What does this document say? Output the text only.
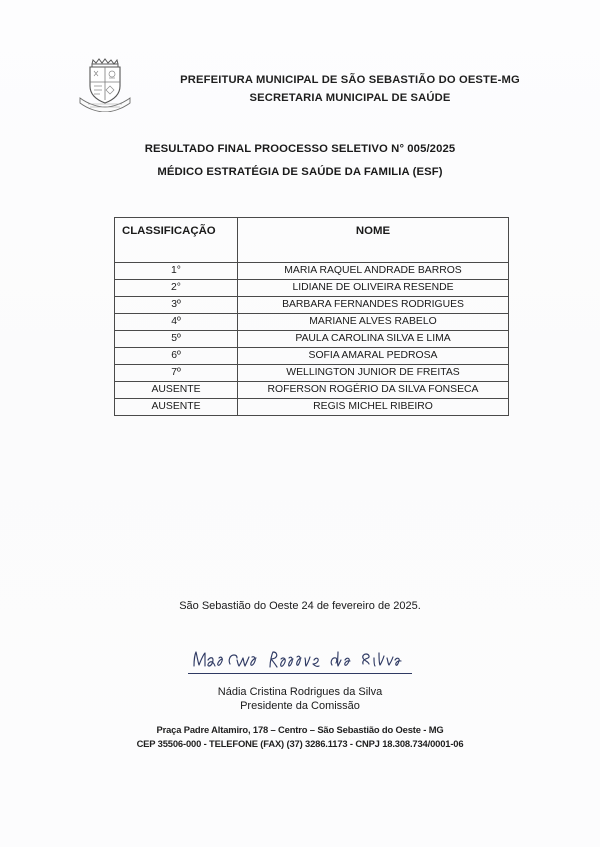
PREFEITURA MUNICIPAL DE SÃO SEBASTIÃO DO OESTE-MG
SECRETARIA MUNICIPAL DE SAÚDE
RESULTADO FINAL PROOCESSO SELETIVO N° 005/2025
MÉDICO ESTRATÉGIA DE SAÚDE DA FAMILIA (ESF)
CLASSIFICAÇÃO	NOME
1°	MARIA RAQUEL ANDRADE BARROS
2°	LIDIANE DE OLIVEIRA RESENDE
3º	BARBARA FERNANDES RODRIGUES
4º	MARIANE ALVES RABELO
5º	PAULA CAROLINA SILVA E LIMA
6º	SOFIA AMARAL PEDROSA
7º	WELLINGTON JUNIOR DE FREITAS
AUSENTE	ROFERSON ROGÉRIO DA SILVA FONSECA
AUSENTE	REGIS MICHEL RIBEIRO
São Sebastião do Oeste 24 de fevereiro de 2025.
Nádia Cristina Rodrigues da Silva
Presidente da Comissão
Praça Padre Altamiro, 178 – Centro – São Sebastião do Oeste - MG
CEP 35506-000 - TELEFONE (FAX) (37) 3286.1173 - CNPJ 18.308.734/0001-06
